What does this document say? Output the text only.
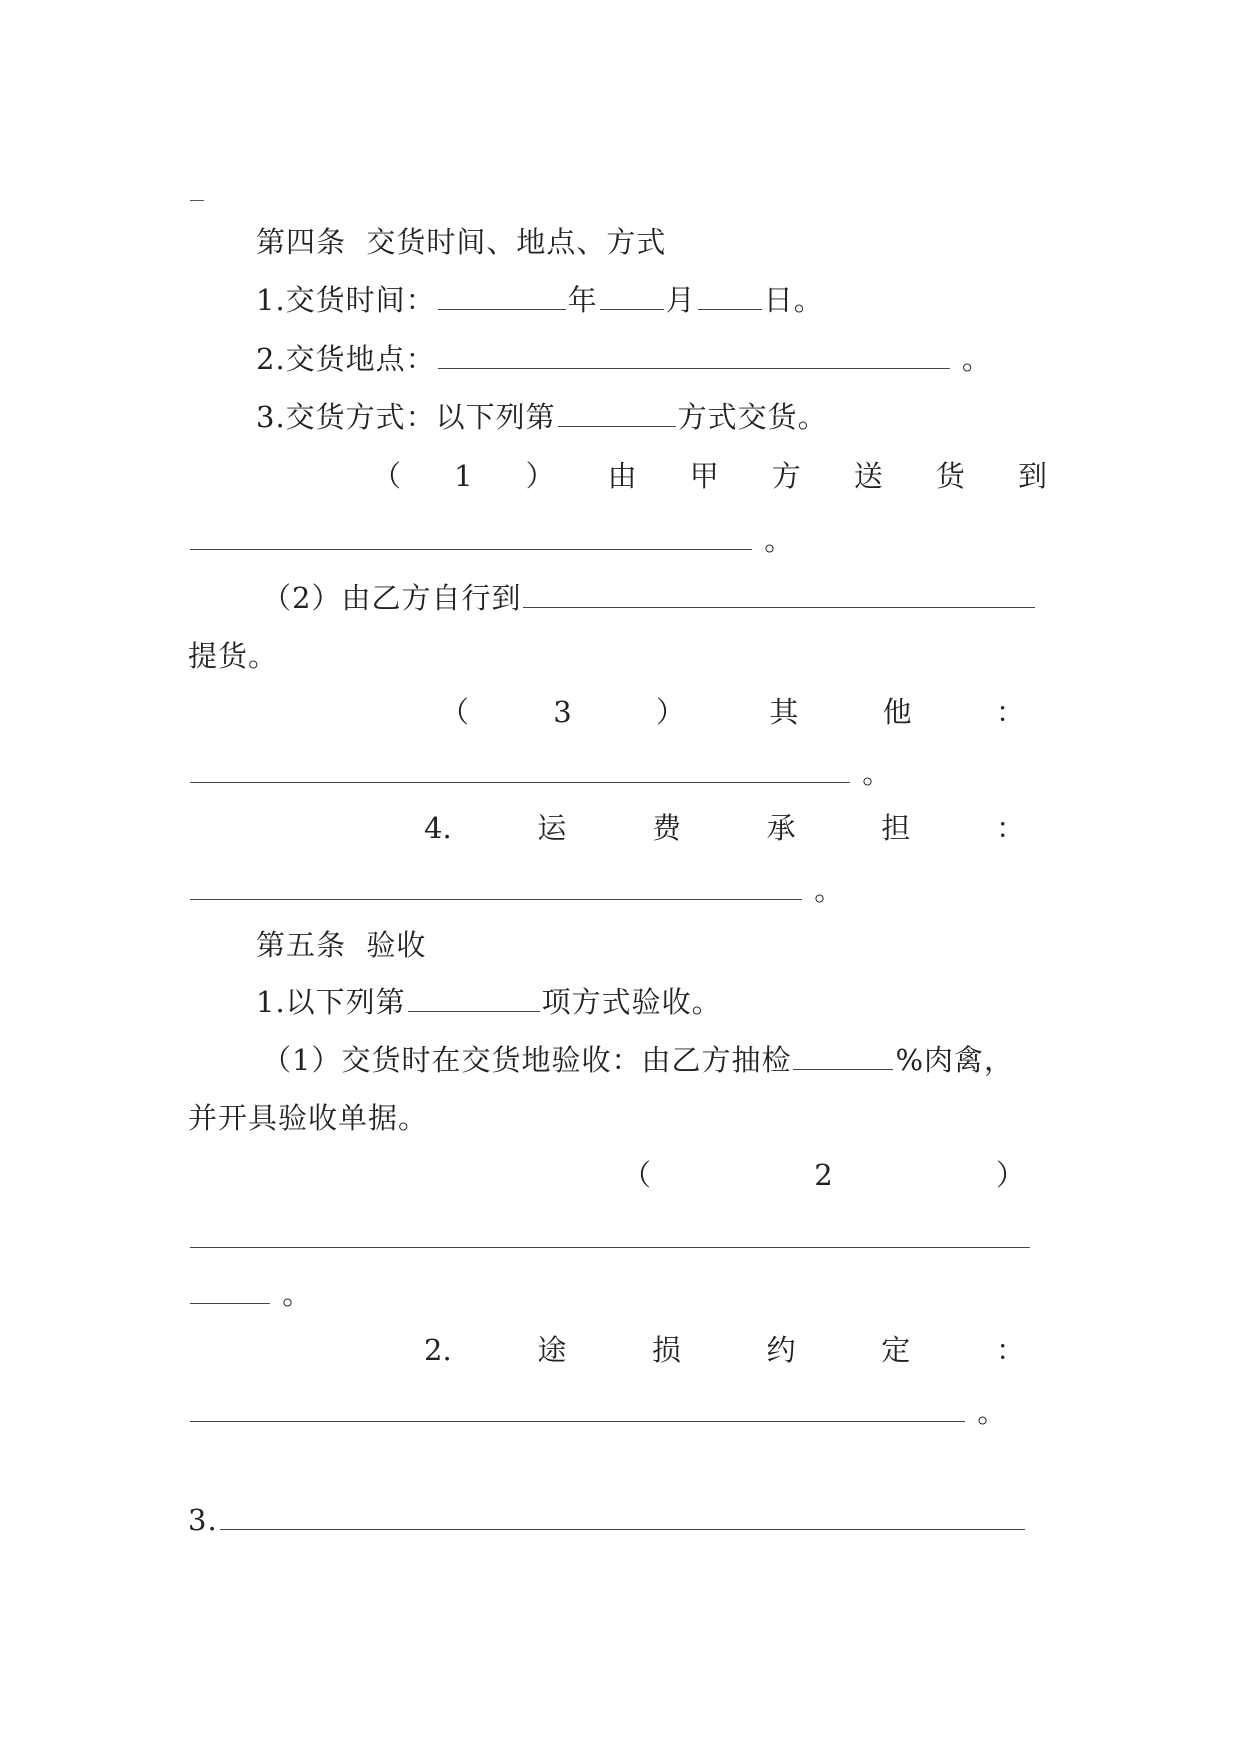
第四条  交货时间、地点、方式
1.交货时间：	年 月 日。
2.交货地点：	。
3.交货方式：以下列第	方式交货。
（ 1 ） 由 甲 方 送 货 到
。
（2）由乙方自行到
提货。
（	3	）	其	他	：
。
4.	运	费	承	担	：
。
第五条  验收
1.以下列第	项方式验收。
（1）交货时在交货地验收：由乙方抽检	%肉禽，
并开具验收单据。
（	2	）
。
2.	途	损	约	定	：
。
3.
